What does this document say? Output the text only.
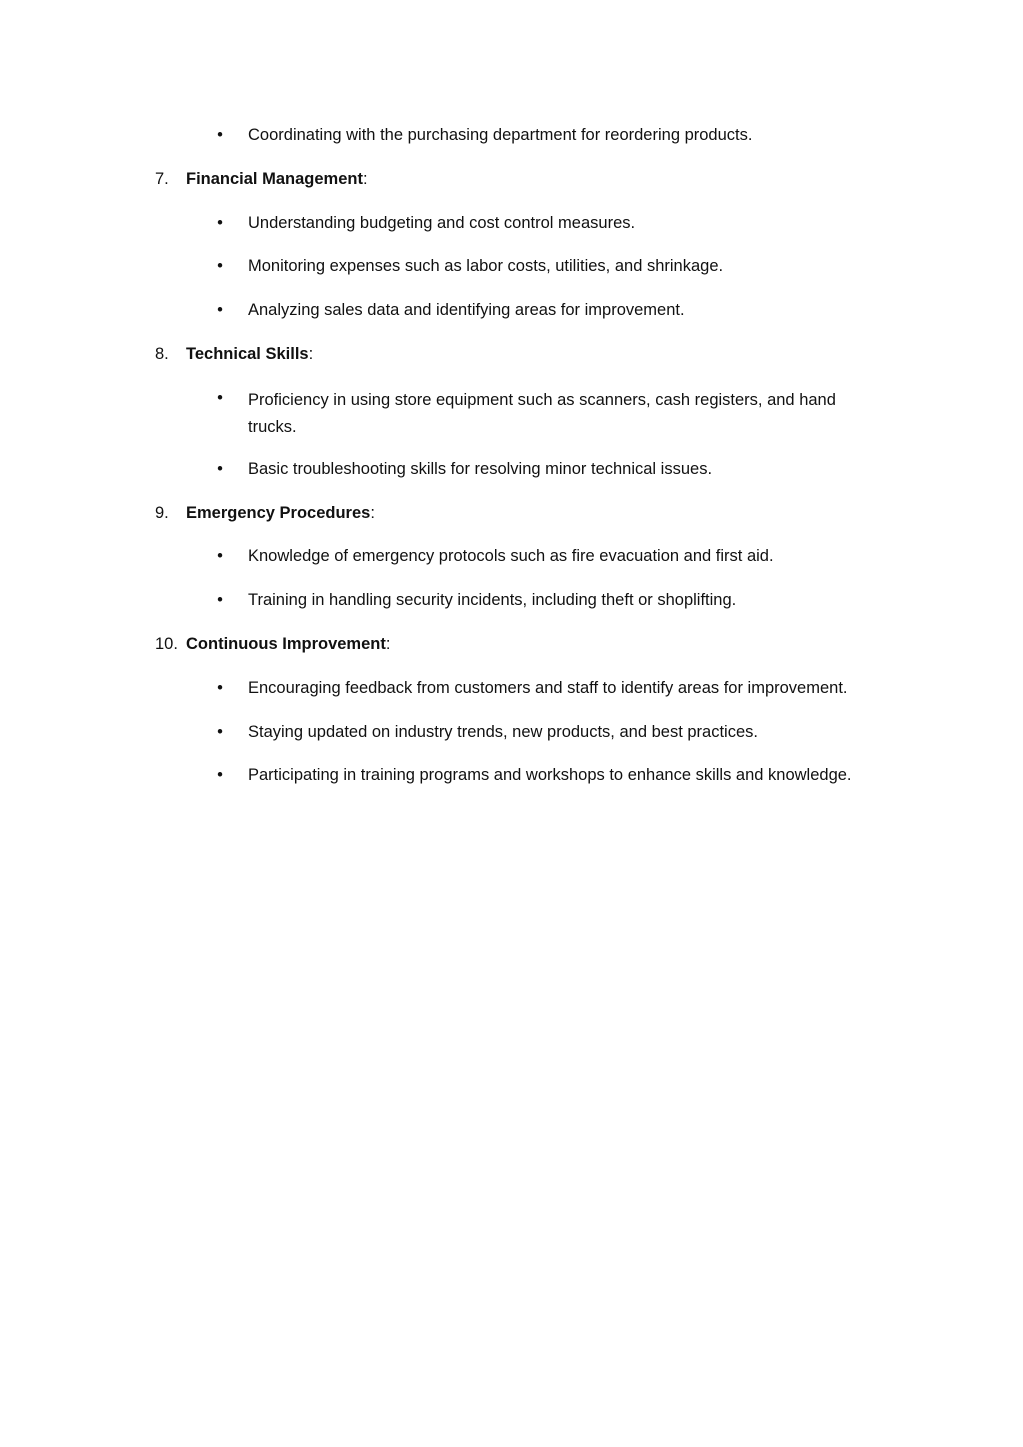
• Coordinating with the purchasing department for reordering products.
7. Financial Management:
• Understanding budgeting and cost control measures.
• Monitoring expenses such as labor costs, utilities, and shrinkage.
• Analyzing sales data and identifying areas for improvement.
8. Technical Skills:
• Proficiency in using store equipment such as scanners, cash registers, and hand trucks.
• Basic troubleshooting skills for resolving minor technical issues.
9. Emergency Procedures:
• Knowledge of emergency protocols such as fire evacuation and first aid.
• Training in handling security incidents, including theft or shoplifting.
10. Continuous Improvement:
• Encouraging feedback from customers and staff to identify areas for improvement.
• Staying updated on industry trends, new products, and best practices.
• Participating in training programs and workshops to enhance skills and knowledge.
